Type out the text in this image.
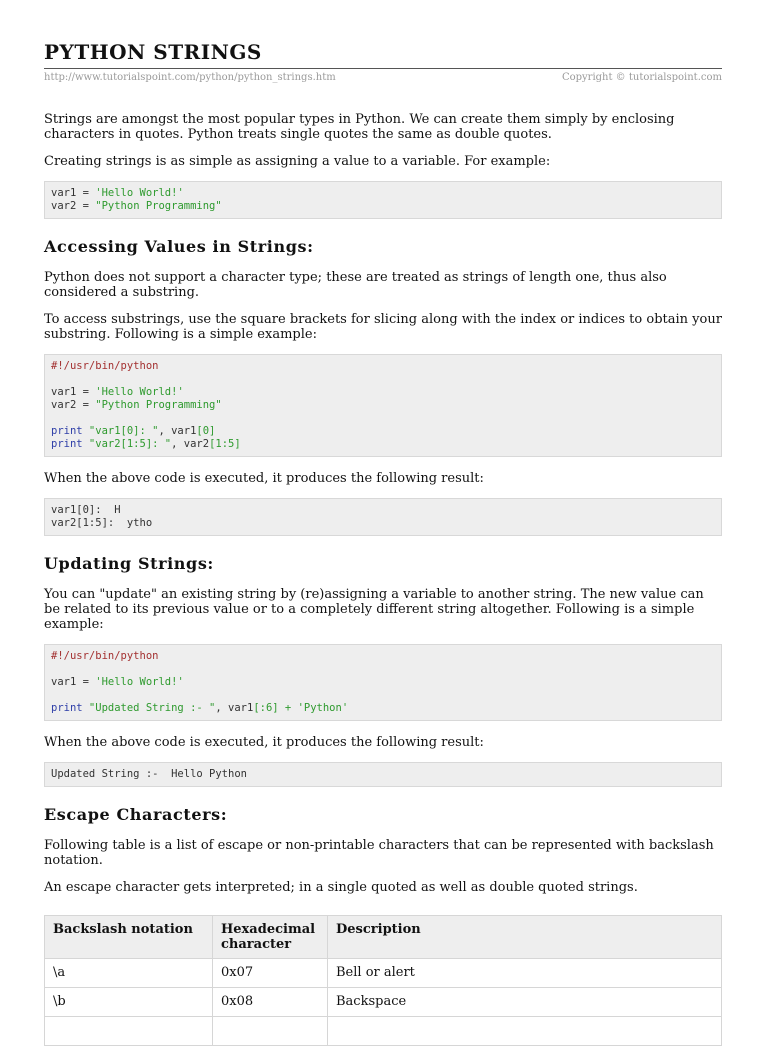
PYTHON STRINGS
http://www.tutorialspoint.com/python/python_strings.htm	Copyright © tutorialspoint.com

Strings are amongst the most popular types in Python. We can create them simply by enclosing characters in quotes. Python treats single quotes the same as double quotes.

Creating strings is as simple as assigning a value to a variable. For example:

var1 = 'Hello World!'
var2 = "Python Programming"
Accessing Values in Strings:

Python does not support a character type; these are treated as strings of length one, thus also considered a substring.

To access substrings, use the square brackets for slicing along with the index or indices to obtain your substring. Following is a simple example:

#!/usr/bin/python
var1 = 'Hello World!'
var2 = "Python Programming"
print "var1[0]: ", var1[0]
print "var2[1:5]: ", var2[1:5]

When the above code is executed, it produces the following result:

var1[0]:  H
var2[1:5]:  ytho
Updating Strings:

You can "update" an existing string by (re)assigning a variable to another string. The new value can be related to its previous value or to a completely different string altogether. Following is a simple example:

#!/usr/bin/python
var1 = 'Hello World!'
print "Updated String :- ", var1[:6] + 'Python'

When the above code is executed, it produces the following result:

Updated String :-  Hello Python
Escape Characters:

Following table is a list of escape or non-printable characters that can be represented with backslash notation.

An escape character gets interpreted; in a single quoted as well as double quoted strings.

Backslash notation	Hexadecimal character	Description
\a	0x07	Bell or alert
\b	0x08	Backspace
